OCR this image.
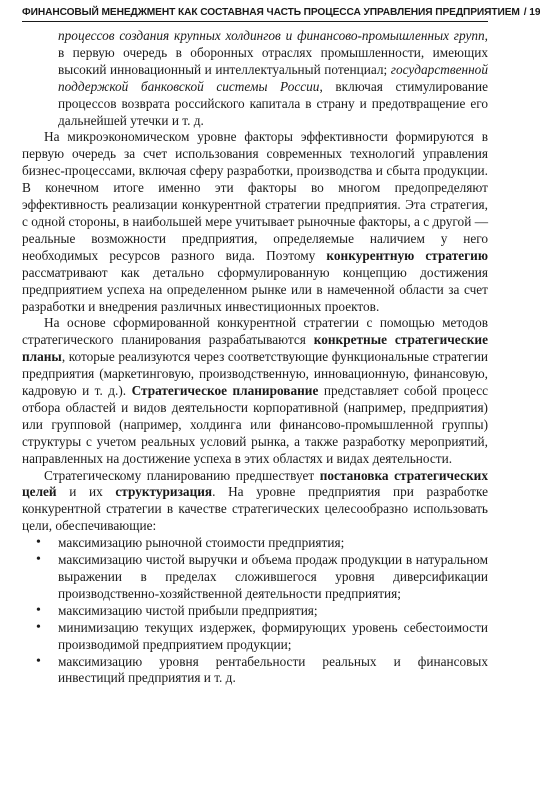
ФИНАНСОВЫЙ МЕНЕДЖМЕНТ КАК СОСТАВНАЯ ЧАСТЬ ПРОЦЕССА УПРАВЛЕНИЯ ПРЕДПРИЯТИЕМ / 19

процессов создания крупных холдингов и финансово-промышленных групп, в первую очередь в оборонных отраслях промышленности, имеющих высокий инновационный и интеллектуальный потенциал; государственной поддержкой банковской системы России, включая стимулирование процессов возврата российского капитала в страну и предотвращение его дальнейшей утечки и т. д.

На микроэкономическом уровне факторы эффективности формируются в первую очередь за счет использования современных технологий управления бизнес-процессами, включая сферу разработки, производства и сбыта продукции. В конечном итоге именно эти факторы во многом предопределяют эффективность реализации конкурентной стратегии предприятия. Эта стратегия, с одной стороны, в наибольшей мере учитывает рыночные факторы, а с другой — реальные возможности предприятия, определяемые наличием у него необходимых ресурсов разного вида. Поэтому конкурентную стратегию рассматривают как детально сформулированную концепцию достижения предприятием успеха на определенном рынке или в намеченной области за счет разработки и внедрения различных инвестиционных проектов.

На основе сформированной конкурентной стратегии с помощью методов стратегического планирования разрабатываются конкретные стратегические планы, которые реализуются через соответствующие функциональные стратегии предприятия (маркетинговую, производственную, инновационную, финансовую, кадровую и т. д.). Стратегическое планирование представляет собой процесс отбора областей и видов деятельности корпоративной (например, предприятия) или групповой (например, холдинга или финансово-промышленной группы) структуры с учетом реальных условий рынка, а также разработку мероприятий, направленных на достижение успеха в этих областях и видах деятельности.

Стратегическому планированию предшествует постановка стратегических целей и их структуризация. На уровне предприятия при разработке конкурентной стратегии в качестве стратегических целесообразно использовать цели, обеспечивающие:

• максимизацию рыночной стоимости предприятия;
• максимизацию чистой выручки и объема продаж продукции в натуральном выражении в пределах сложившегося уровня диверсификации производственно-хозяйственной деятельности предприятия;
• максимизацию чистой прибыли предприятия;
• минимизацию текущих издержек, формирующих уровень себестоимости производимой предприятием продукции;
• максимизацию уровня рентабельности реальных и финансовых инвестиций предприятия и т. д.
